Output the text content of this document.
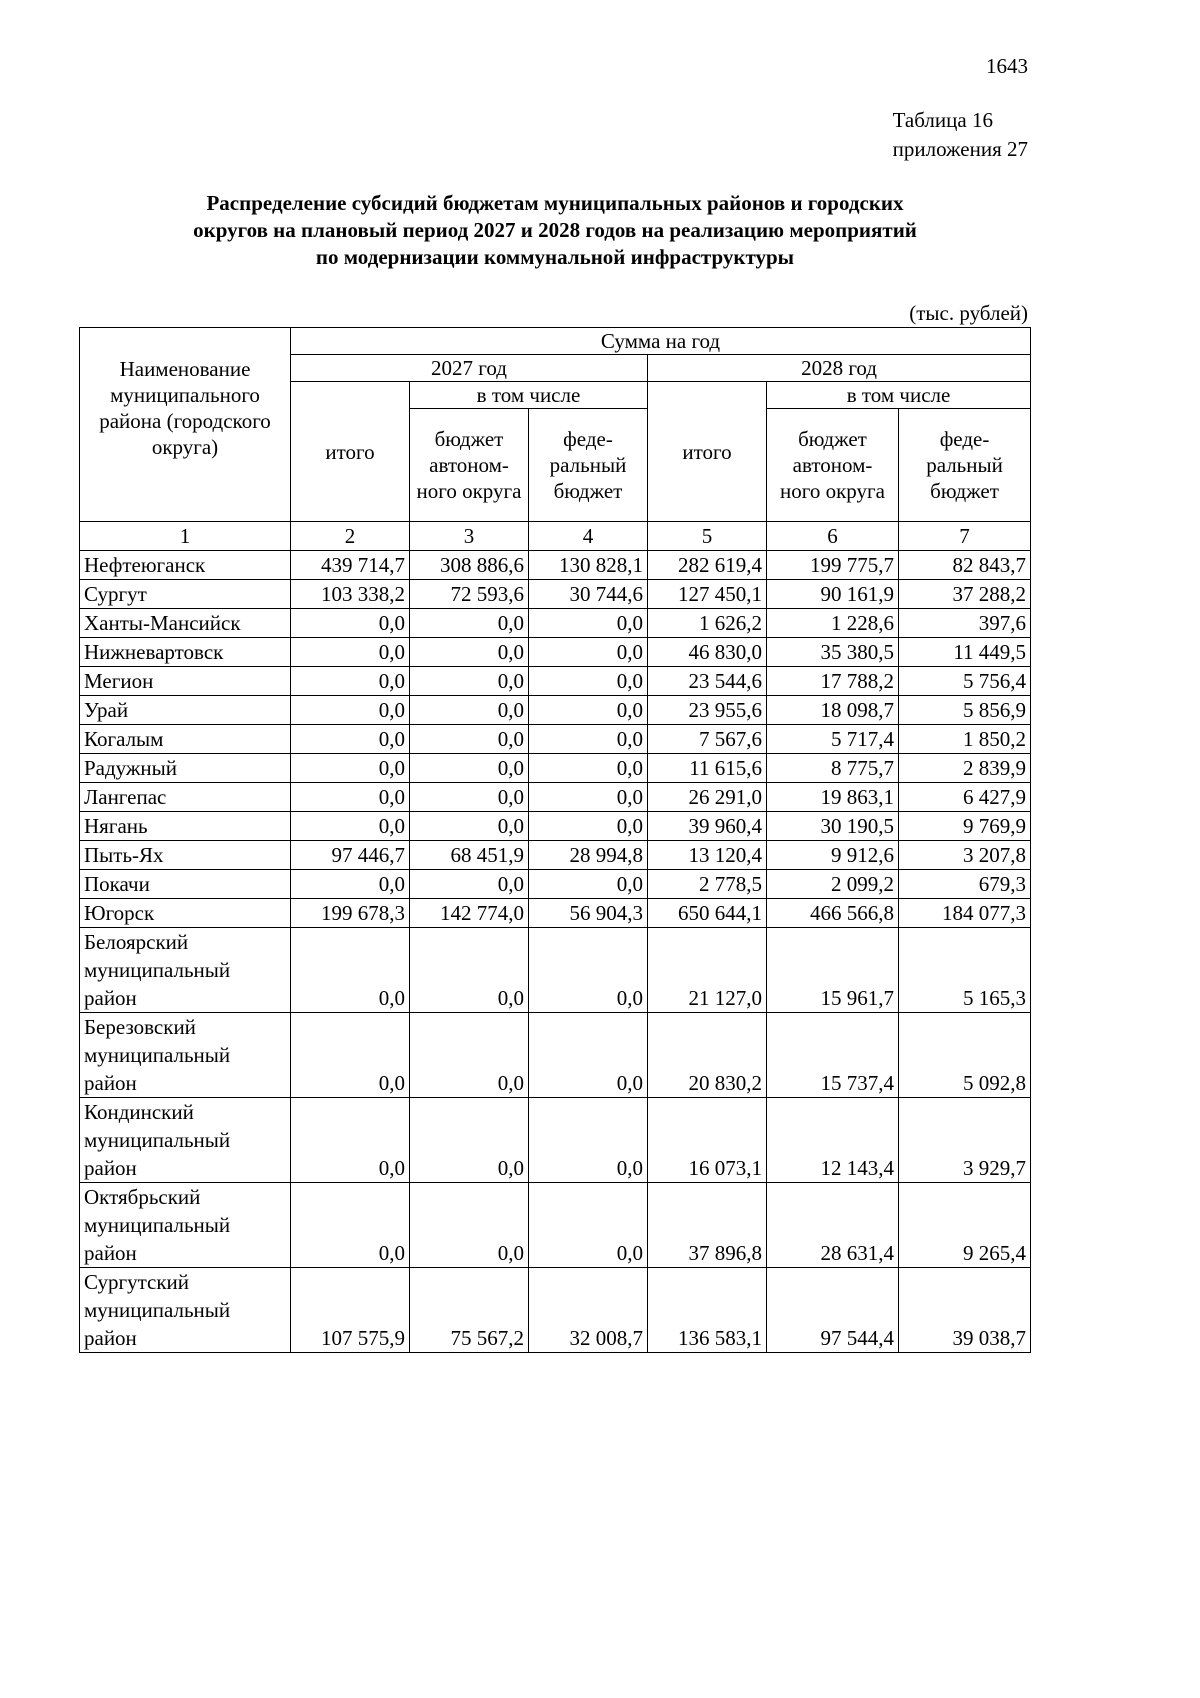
1643
Таблица 16
приложения 27
Распределение субсидий бюджетам муниципальных районов и городских
округов на плановый период 2027 и 2028 годов на реализацию мероприятий
по модернизации коммунальной инфраструктуры
(тыс. рублей)
Наименование муниципального района (городского округа)	Сумма на год					
	2027 год			2028 год		
	итого	в том числе		итого	в том числе	
		бюджет автоном- ного округа	феде- ральный бюджет		бюджет автоном- ного округа	феде- ральный бюджет
1	2	3	4	5	6	7
Нефтеюганск	439 714,7	308 886,6	130 828,1	282 619,4	199 775,7	82 843,7
Сургут	103 338,2	72 593,6	30 744,6	127 450,1	90 161,9	37 288,2
Ханты-Мансийск	0,0	0,0	0,0	1 626,2	1 228,6	397,6
Нижневартовск	0,0	0,0	0,0	46 830,0	35 380,5	11 449,5
Мегион	0,0	0,0	0,0	23 544,6	17 788,2	5 756,4
Урай	0,0	0,0	0,0	23 955,6	18 098,7	5 856,9
Когалым	0,0	0,0	0,0	7 567,6	5 717,4	1 850,2
Радужный	0,0	0,0	0,0	11 615,6	8 775,7	2 839,9
Лангепас	0,0	0,0	0,0	26 291,0	19 863,1	6 427,9
Нягань	0,0	0,0	0,0	39 960,4	30 190,5	9 769,9
Пыть-Ях	97 446,7	68 451,9	28 994,8	13 120,4	9 912,6	3 207,8
Покачи	0,0	0,0	0,0	2 778,5	2 099,2	679,3
Югорск	199 678,3	142 774,0	56 904,3	650 644,1	466 566,8	184 077,3
Белоярский муниципальный район	0,0	0,0	0,0	21 127,0	15 961,7	5 165,3
Березовский муниципальный район	0,0	0,0	0,0	20 830,2	15 737,4	5 092,8
Кондинский муниципальный район	0,0	0,0	0,0	16 073,1	12 143,4	3 929,7
Октябрьский муниципальный район	0,0	0,0	0,0	37 896,8	28 631,4	9 265,4
Сургутский муниципальный район	107 575,9	75 567,2	32 008,7	136 583,1	97 544,4	39 038,7
